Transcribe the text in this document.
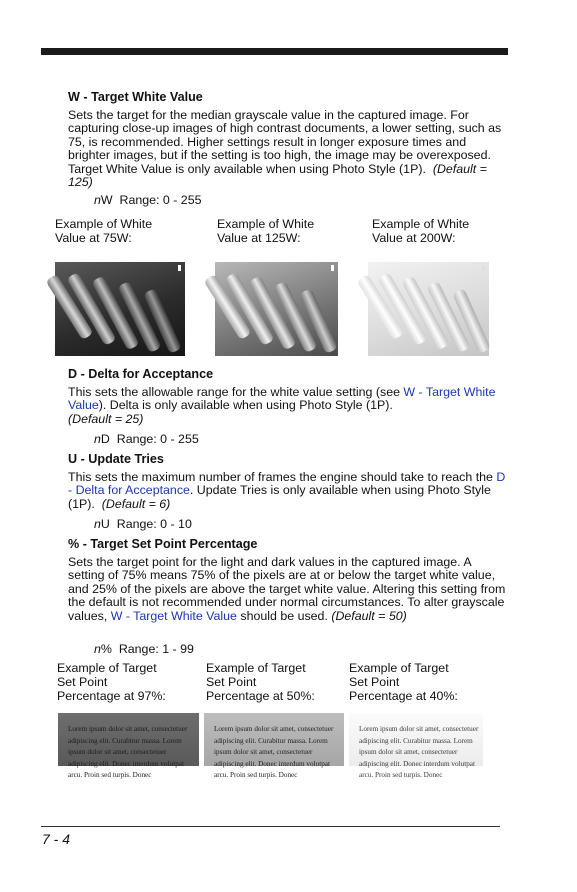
W - Target White Value

Sets the target for the median grayscale value in the captured image. For capturing close-up images of high contrast documents, a lower setting, such as 75, is recommended. Higher settings result in longer exposure times and brighter images, but if the setting is too high, the image may be overexposed. Target White Value is only available when using Photo Style (1P). (Default = 125)

nW Range: 0 - 255
Example of White
Value at 75W:
Example of White
Value at 125W:
Example of White
Value at 200W:
D - Delta for Acceptance

This sets the allowable range for the white value setting (see W - Target White Value). Delta is only available when using Photo Style (1P).
(Default = 25)

nD Range: 0 - 255
U - Update Tries

This sets the maximum number of frames the engine should take to reach the D - Delta for Acceptance. Update Tries is only available when using Photo Style (1P). (Default = 6)

nU Range: 0 - 10
% - Target Set Point Percentage

Sets the target point for the light and dark values in the captured image. A setting of 75% means 75% of the pixels are at or below the target white value, and 25% of the pixels are above the target white value. Altering this setting from the default is not recommended under normal circumstances. To alter grayscale values, W - Target White Value should be used. (Default = 50)

n% Range: 1 - 99
Example of Target
Set Point
Percentage at 97%:
Example of Target
Set Point
Percentage at 50%:
Example of Target
Set Point
Percentage at 40%:
Lorem ipsum dolor sit amet, consectetuer adipiscing elit. Curabitur massa. Lorem ipsum dolor sit amet, consectetuer adipiscing elit. Donec interdum volutpat arcu. Proin sed turpis. Donec
Lorem ipsum dolor sit amet, consectetuer adipiscing elit. Curabitur massa. Lorem ipsum dolor sit amet, consectetuer adipiscing elit. Donec interdum volutpat arcu. Proin sed turpis. Donec
Lorem ipsum dolor sit amet, consectetuer adipiscing elit. Curabitur massa. Lorem ipsum dolor sit amet, consectetuer adipiscing elit. Donec interdum volutpat arcu. Proin sed turpis. Donec
7 - 4
